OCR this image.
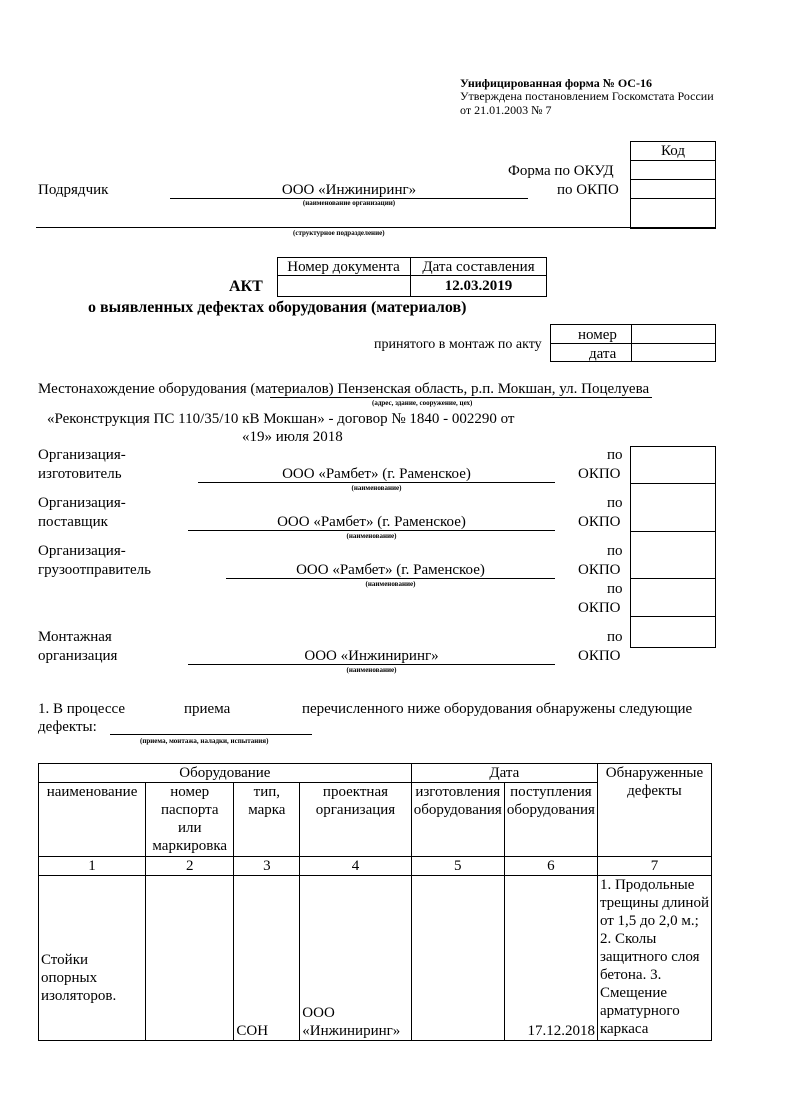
Унифицированная форма № ОС-16
Утверждена постановлением Госкомстата России
от 21.01.2003 № 7
Код
Форма по ОКУД
по ОКПО
Подрядчик	ООО «Инжиниринг»
(наименование организации)
(структурное подразделение)
Номер документа	Дата составления
12.03.2019
АКТ
о выявленных дефектах оборудования (материалов)
принятого в монтаж по акту
номер
дата
Местонахождение оборудования (материалов) Пензенская область, р.п. Мокшан, ул. Поцелуева
(адрес, здание, сооружение, цех)
«Реконструкция ПС 110/35/10 кВ Мокшан» - договор № 1840 - 002290 от
«19» июля 2018
Организация-
изготовитель	ООО «Рамбет» (г. Раменское)
(наименование)
по
ОКПО
Организация-
поставщик	ООО «Рамбет» (г. Раменское)
(наименование)
по
ОКПО
Организация-
грузоотправитель	ООО «Рамбет» (г. Раменское)
(наименование)
по
ОКПО
по
ОКПО
Монтажная
организация	ООО «Инжиниринг»
(наименование)
по
ОКПО
1. В процессе	приема	перечисленного ниже оборудования обнаружены следующие
дефекты:
(приема, монтажа, наладки, испытания)
Оборудование				Дата		Обнаруженные дефекты
наименование	номер паспорта или маркировка	тип, марка	проектная организация	изготовления оборудования	поступления оборудования	
1	2	3	4	5	6	7
Стойки опорных изоляторов.		СОН	ООО «Инжиниринг»		17.12.2018	1. Продольные трещины длиной от 1,5 до 2,0 м.; 2. Сколы защитного слоя бетона. 3. Смещение арматурного каркаса
